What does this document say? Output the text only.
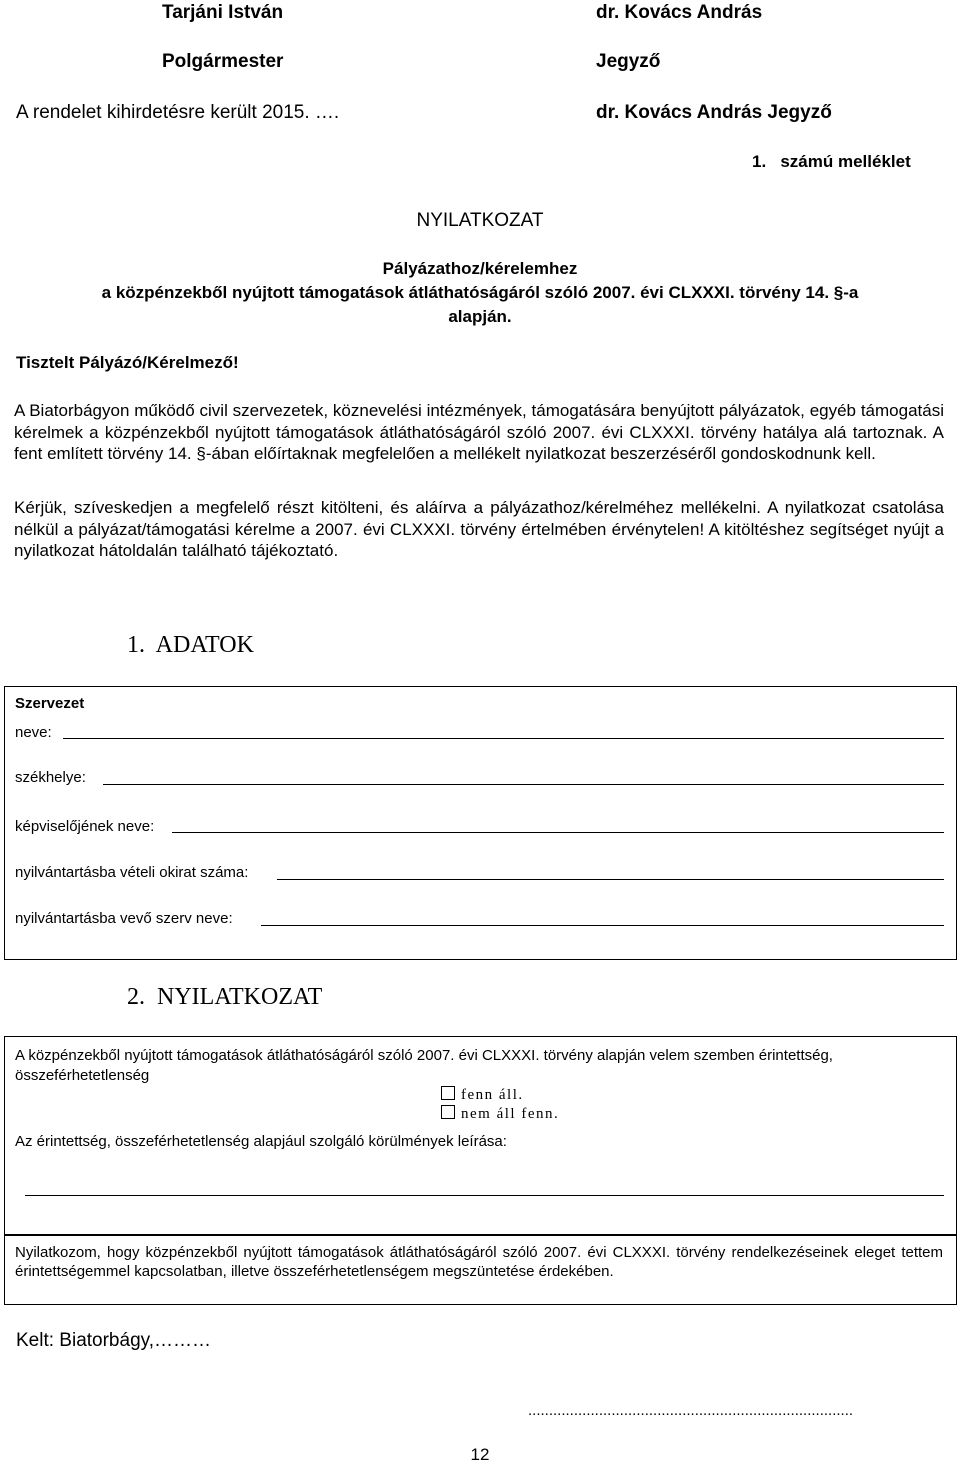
Tarjáni István	dr. Kovács András
Polgármester	Jegyző
A rendelet kihirdetésre került 2015. ….	dr. Kovács András Jegyző
1.   számú melléklet
NYILATKOZAT
Pályázathoz/kérelemhez
a közpénzekből nyújtott támogatások átláthatóságáról szóló 2007. évi CLXXXI. törvény 14. §-a
alapján.
Tisztelt Pályázó/Kérelmező!
A Biatorbágyon működő civil szervezetek, köznevelési intézmények, támogatására benyújtott pályázatok, egyéb támogatási kérelmek a közpénzekből nyújtott támogatások átláthatóságáról szóló 2007. évi CLXXXI. törvény hatálya alá tartoznak. A fent említett törvény 14. §-ában előírtaknak megfelelően a mellékelt nyilatkozat beszerzéséről gondoskodnunk kell.
Kérjük, szíveskedjen a megfelelő részt kitölteni, és aláírva a pályázathoz/kérelméhez mellékelni. A nyilatkozat csatolása nélkül a pályázat/támogatási kérelme a 2007. évi CLXXXI. törvény értelmében érvénytelen! A kitöltéshez segítséget nyújt a nyilatkozat hátoldalán található tájékoztató.
1.  ADATOK
Szervezet
neve:
székhelye:
képviselőjének neve:
nyilvántartásba vételi okirat száma:
nyilvántartásba vevő szerv neve:
2.  NYILATKOZAT
A közpénzekből nyújtott támogatások átláthatóságáról szóló 2007. évi CLXXXI. törvény alapján velem szemben érintettség, összeférhetetlenség
fenn áll.
nem áll fenn.
Az érintettség, összeférhetetlenség alapjául szolgáló körülmények leírása:
Nyilatkozom, hogy közpénzekből nyújtott támogatások átláthatóságáról szóló 2007. évi CLXXXI. törvény rendelkezéseinek eleget tettem érintettségemmel kapcsolatban, illetve összeférhetetlenségem megszüntetése érdekében.
Kelt: Biatorbágy,………
..............................................................................
12
